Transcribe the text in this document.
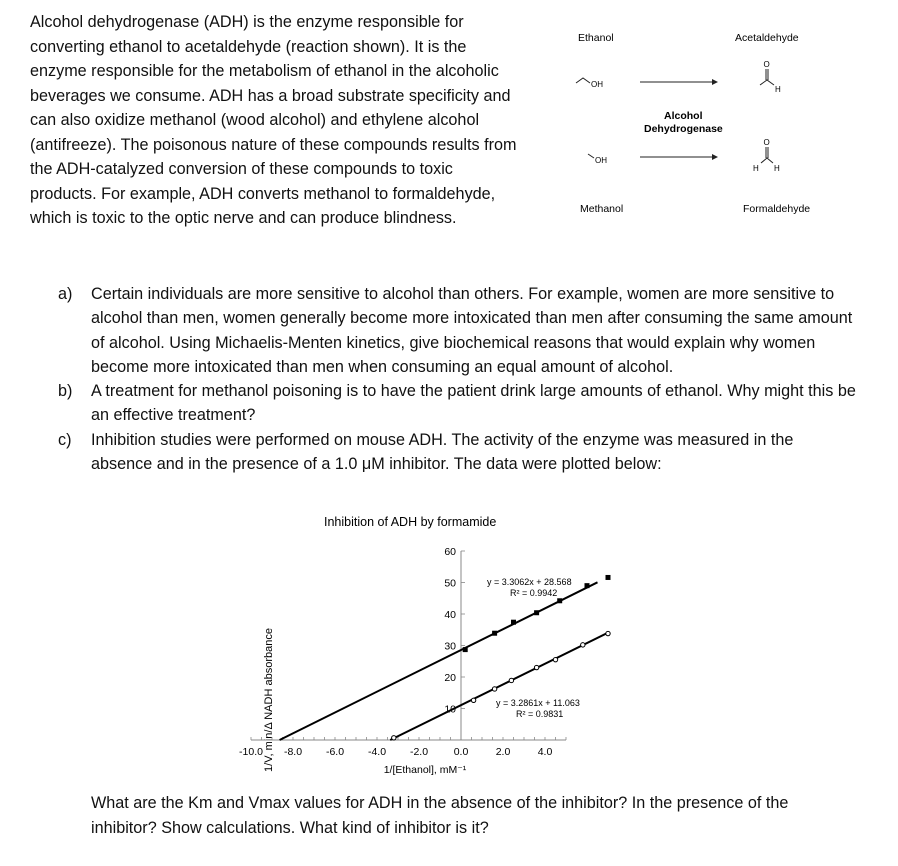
Alcohol dehydrogenase (ADH) is the enzyme responsible for
converting ethanol to acetaldehyde (reaction shown). It is the
enzyme responsible for the metabolism of ethanol in the alcoholic
beverages we consume. ADH has a broad substrate specificity and
can also oxidize methanol (wood alcohol) and ethylene alcohol
(antifreeze). The poisonous nature of these compounds results from
the ADH-catalyzed conversion of these compounds to toxic
products. For example, ADH converts methanol to formaldehyde,
which is toxic to the optic nerve and can produce blindness.
Ethanol	Acetaldehyde
OH
O
H
Alcohol
Dehydrogenase
OH
O
H H
Methanol	Formaldehyde
a)	Certain individuals are more sensitive to alcohol than others. For example, women are more sensitive to alcohol than men, women generally become more intoxicated than men after consuming the same amount of alcohol. Using Michaelis-Menten kinetics, give biochemical reasons that would explain why women become more intoxicated than men when consuming an equal amount of alcohol.
b)	A treatment for methanol poisoning is to have the patient drink large amounts of ethanol. Why might this be an effective treatment?
c)	Inhibition studies were performed on mouse ADH. The activity of the enzyme was measured in the absence and in the presence of a 1.0 μM inhibitor. The data were plotted below:
Inhibition of ADH by formamide
1/V, min/Δ NADH absorbance	1/[Ethanol], mM⁻¹
10
20
30
40
50
60
-10.0 -8.0 -6.0 -4.0 -2.0 0.0	2.0	4.0
y = 3.3062x + 28.568
R² = 0.9942
y = 3.2861x + 11.063
R² = 0.9831
What are the Km and Vmax values for ADH in the absence of the inhibitor? In the presence of the inhibitor? Show calculations. What kind of inhibitor is it?
